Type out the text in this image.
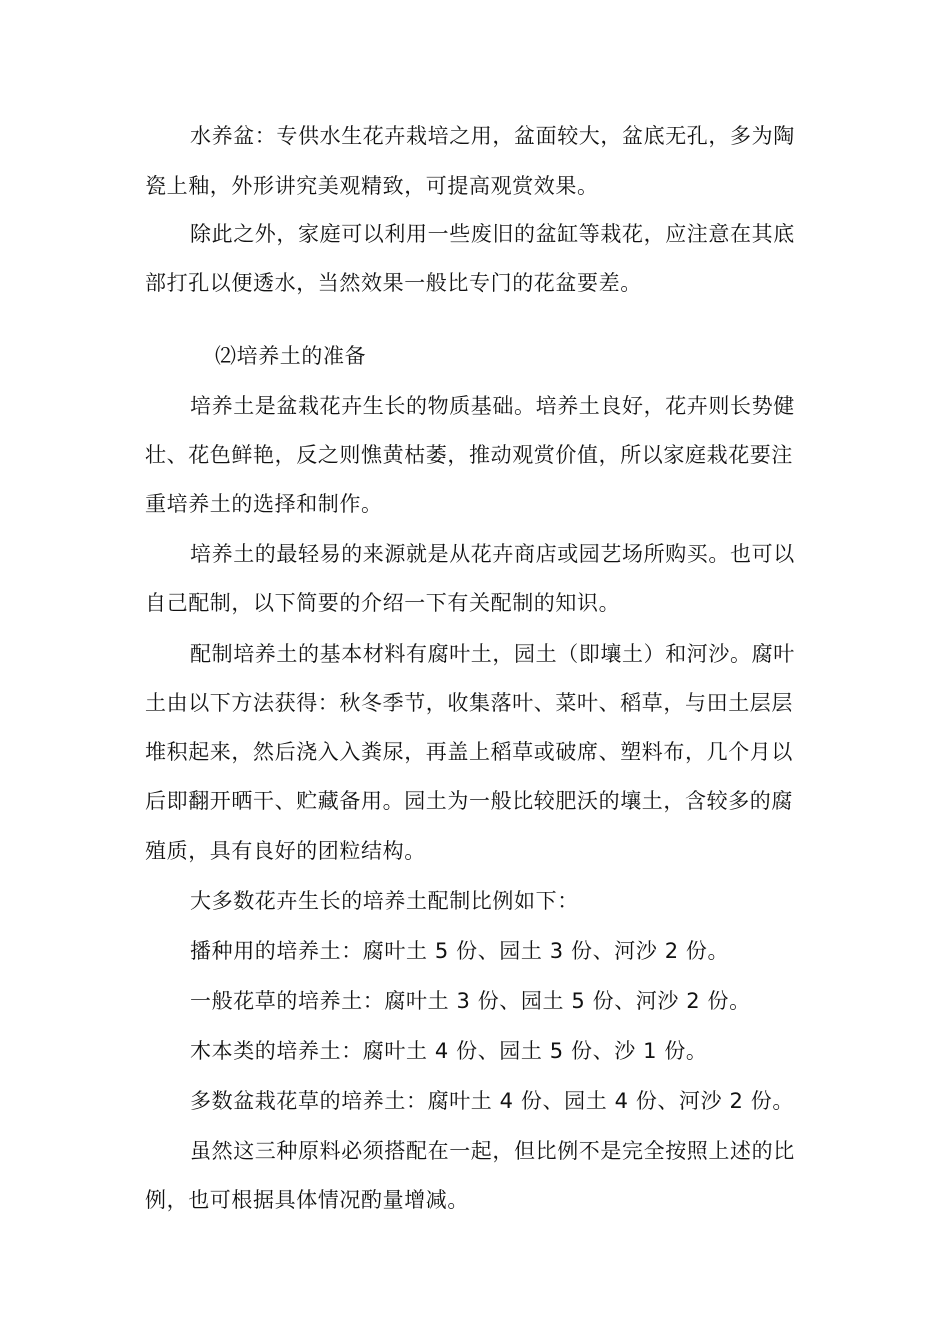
水养盆：专供水生花卉栽培之用，盆面较大，盆底无孔，多为陶
瓷上釉，外形讲究美观精致，可提高观赏效果。
除此之外，家庭可以利用一些废旧的盆缸等栽花，应注意在其底
部打孔以便透水，当然效果一般比专门的花盆要差。
⑵培养土的准备
培养土是盆栽花卉生长的物质基础。培养土良好，花卉则长势健
壮、花色鲜艳，反之则憔黄枯萎，推动观赏价值，所以家庭栽花要注
重培养土的选择和制作。
培养土的最轻易的来源就是从花卉商店或园艺场所购买。也可以
自己配制，以下简要的介绍一下有关配制的知识。
配制培养土的基本材料有腐叶土，园土（即壤土）和河沙。腐叶
土由以下方法获得：秋冬季节，收集落叶、菜叶、稻草，与田土层层
堆积起来，然后浇入入粪尿，再盖上稻草或破席、塑料布，几个月以
后即翻开晒干、贮藏备用。园土为一般比较肥沃的壤土，含较多的腐
殖质，具有良好的团粒结构。
大多数花卉生长的培养土配制比例如下：
播种用的培养土：腐叶土 5 份、园土 3 份、河沙 2 份。
一般花草的培养土：腐叶土 3 份、园土 5 份、河沙 2 份。
木本类的培养土：腐叶土 4 份、园土 5 份、沙 1 份。
多数盆栽花草的培养土：腐叶土 4 份、园土 4 份、河沙 2 份。
虽然这三种原料必须搭配在一起，但比例不是完全按照上述的比
例，也可根据具体情况酌量增减。
